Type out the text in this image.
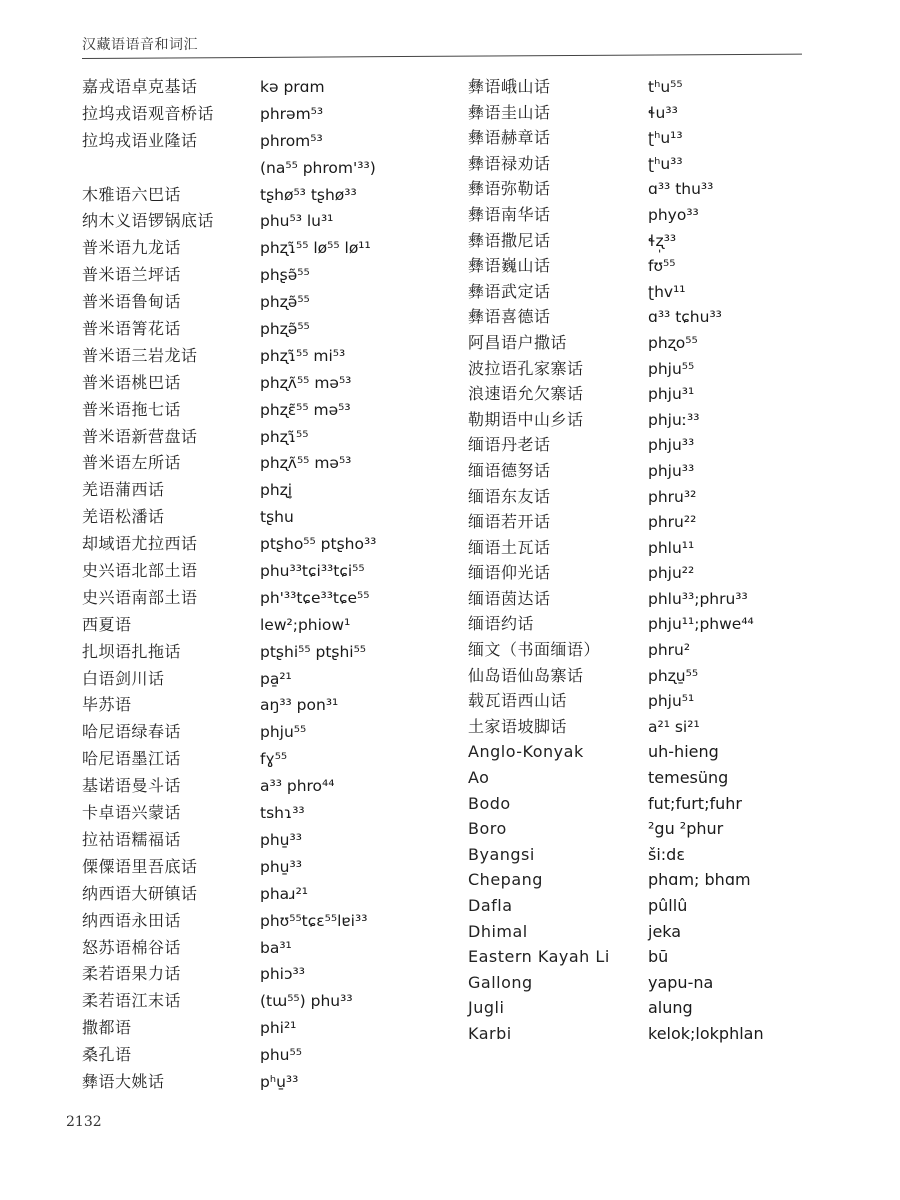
汉藏语语音和词汇
嘉戎语卓克基话	kə prɑm
拉坞戎语观音桥话	phrəm⁵³
拉坞戎语业隆话	phrom⁵³
(na⁵⁵ phrom'³³)
木雅语六巴话	tʂhø⁵³ tʂhø³³
纳木义语锣锅底话	phu⁵³ lu³¹
普米语九龙话	phʐɿ̃⁵⁵ lø⁵⁵ lø¹¹
普米语兰坪话	phʂə̃⁵⁵
普米语鲁甸话	phʐə̃⁵⁵
普米语箐花话	phʐə̃⁵⁵
普米语三岩龙话	phʐɿ̃⁵⁵ mi⁵³
普米语桃巴话	phʐʌ̃⁵⁵ mə⁵³
普米语拖七话	phʐɛ̃⁵⁵ mə⁵³
普米语新营盘话	phʐɿ̃⁵⁵
普米语左所话	phʐʌ̃⁵⁵ mə⁵³
羌语蒲西话	phʐi̥
羌语松潘话	tʂhu
却域语尤拉西话	ptʂho⁵⁵ ptʂho³³
史兴语北部土语	phu³³tɕi³³tɕi⁵⁵
史兴语南部土语	ph'³³tɕe³³tɕe⁵⁵
西夏语	lew²;phiow¹
扎坝语扎拖话	ptʂhi⁵⁵ ptʂhi⁵⁵
白语剑川话	pa̱²¹
毕苏语	aŋ³³ pon³¹
哈尼语绿春话	phju⁵⁵
哈尼语墨江话	fɣ⁵⁵
基诺语曼斗话	a³³ phro⁴⁴
卡卓语兴蒙话	tshɿ³³
拉祜语糯福话	phu̱³³
傈僳语里吾底话	phu̱³³
纳西语大研镇话	phaɹ²¹
纳西语永田话	phʊ⁵⁵tɕɛ⁵⁵lɐi³³
怒苏语棉谷话	ba³¹
柔若语果力话	phiɔ³³
柔若语江末话	(tɯ⁵⁵) phu³³
撒都语	phi²¹
桑孔语	phu⁵⁵
彝语大姚话	pʰu̱³³
彝语峨山话	tʰu⁵⁵
彝语圭山话	ɬu³³
彝语赫章话	ʈʰu¹³
彝语禄劝话	ʈʰu³³
彝语弥勒话	ɑ³³ thu³³
彝语南华话	phyo³³
彝语撒尼话	ɬʐ̩³³
彝语巍山话	fʊ⁵⁵
彝语武定话	ʈhv¹¹
彝语喜德话	ɑ³³ tɕhu³³
阿昌语户撒话	phʐo⁵⁵
波拉语孔家寨话	phju⁵⁵
浪速语允欠寨话	phju³¹
勒期语中山乡话	phjuː³³
缅语丹老话	phju³³
缅语德努话	phju³³
缅语东友话	phru³²
缅语若开话	phru²²
缅语土瓦话	phlu¹¹
缅语仰光话	phju²²
缅语茵达话	phlu³³;phru³³
缅语约话	phju¹¹;phwe⁴⁴
缅文（书面缅语）	phru²
仙岛语仙岛寨话	phʐu̱⁵⁵
载瓦语西山话	phju⁵¹
土家语坡脚话	a²¹ si²¹
Anglo-Konyak	uh-hieng
Ao	temesüng
Bodo	fut;furt;fuhr
Boro	²gu ²phur
Byangsi	ši:dɛ
Chepang	phɑm; bhɑm
Dafla	pûllû
Dhimal	jeka
Eastern Kayah Li	bū
Gallong	yapu-na
Jugli	alung
Karbi	kelok;lokphlan
2132
